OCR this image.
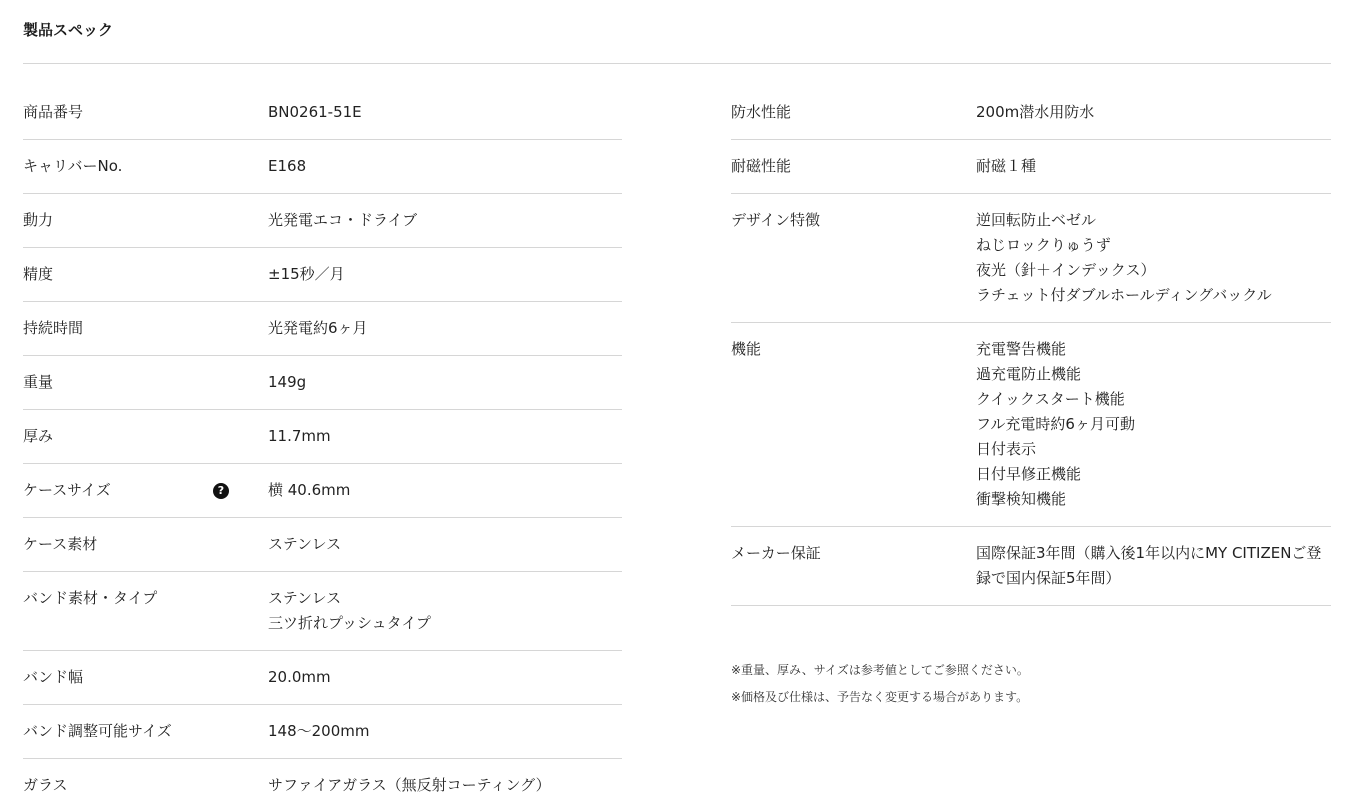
製品スペック
商品番号	BN0261-51E
キャリバーNo.	E168
動力	光発電エコ・ドライブ
精度	±15秒／月
持続時間	光発電約6ヶ月
重量	149g
厚み	11.7mm
ケースサイズ	?	横 40.6mm
ケース素材	ステンレス
バンド素材・タイプ	ステンレス
三ツ折れプッシュタイプ
バンド幅	20.0mm
バンド調整可能サイズ	148〜200mm
ガラス	サファイアガラス（無反射コーティング）
防水性能	200m潜水用防水
耐磁性能	耐磁１種
デザイン特徴	逆回転防止ベゼル
ねじロックりゅうず
夜光（針＋インデックス）
ラチェット付ダブルホールディングバックル
機能	充電警告機能
過充電防止機能
クイックスタート機能
フル充電時約6ヶ月可動
日付表示
日付早修正機能
衝撃検知機能
メーカー保証	国際保証3年間（購入後1年以内にMY CITIZENご登録で国内保証5年間）
※重量、厚み、サイズは参考値としてご参照ください。
※価格及び仕様は、予告なく変更する場合があります。
